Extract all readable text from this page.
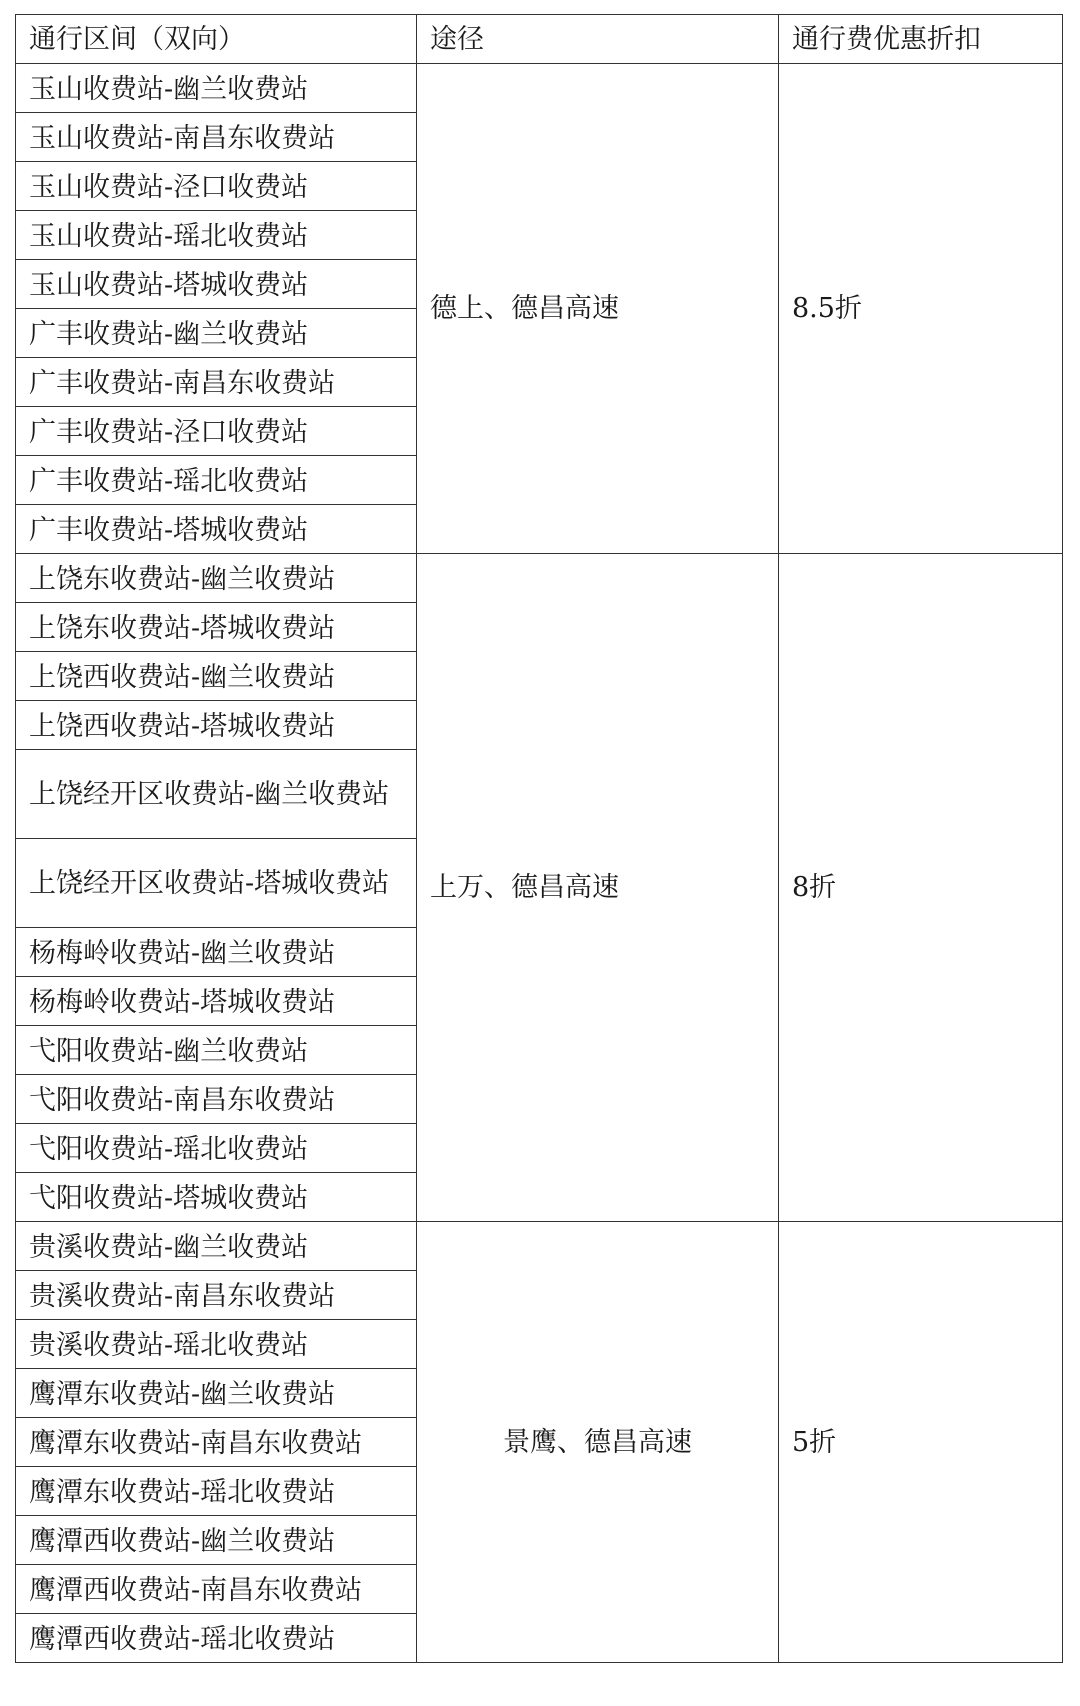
通行区间（双向）	途径	通行费优惠折扣
玉山收费站-幽兰收费站	德上、德昌高速	8.5折
玉山收费站-南昌东收费站		
玉山收费站-泾口收费站		
玉山收费站-瑶北收费站		
玉山收费站-塔城收费站		
广丰收费站-幽兰收费站		
广丰收费站-南昌东收费站		
广丰收费站-泾口收费站		
广丰收费站-瑶北收费站		
广丰收费站-塔城收费站		
上饶东收费站-幽兰收费站	上万、德昌高速	8折
上饶东收费站-塔城收费站		
上饶西收费站-幽兰收费站		
上饶西收费站-塔城收费站		
上饶经开区收费站-幽兰收费站		
上饶经开区收费站-塔城收费站		
杨梅岭收费站-幽兰收费站		
杨梅岭收费站-塔城收费站		
弋阳收费站-幽兰收费站		
弋阳收费站-南昌东收费站		
弋阳收费站-瑶北收费站		
弋阳收费站-塔城收费站		
贵溪收费站-幽兰收费站	景鹰、德昌高速	5折
贵溪收费站-南昌东收费站		
贵溪收费站-瑶北收费站		
鹰潭东收费站-幽兰收费站		
鹰潭东收费站-南昌东收费站		
鹰潭东收费站-瑶北收费站		
鹰潭西收费站-幽兰收费站		
鹰潭西收费站-南昌东收费站		
鹰潭西收费站-瑶北收费站		
